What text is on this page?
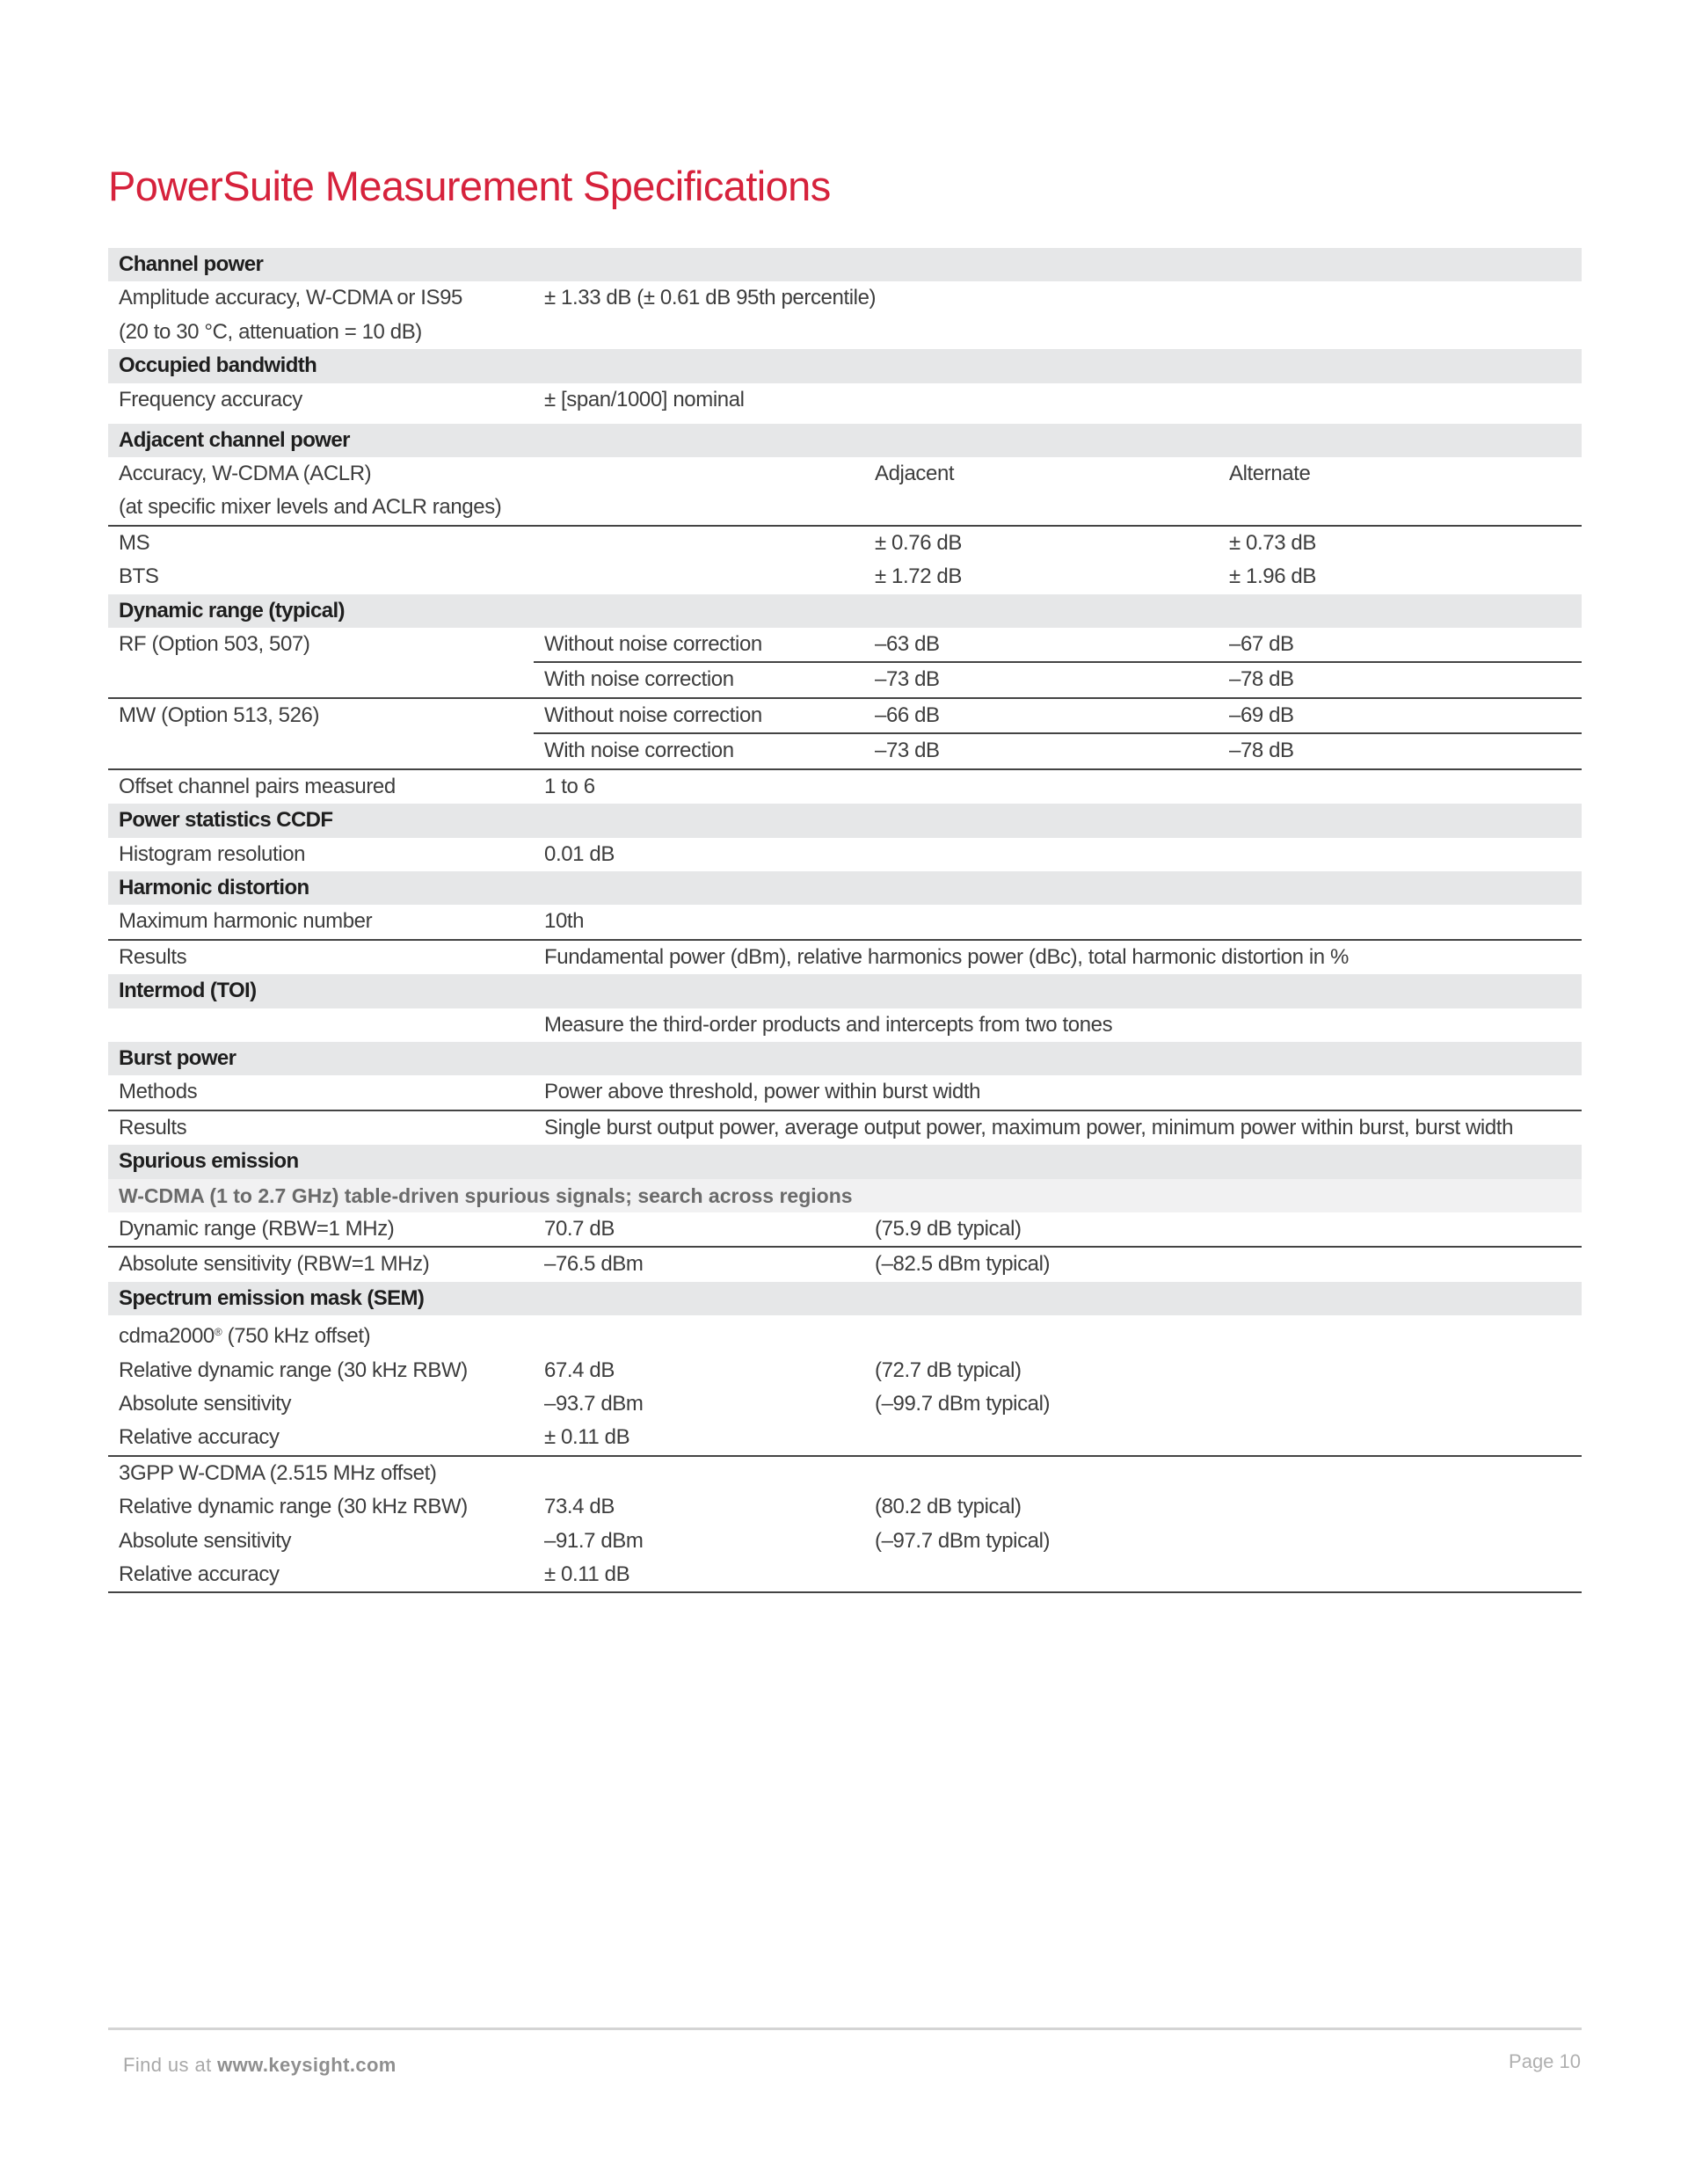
PowerSuite Measurement Specifications
Channel power			

Amplitude accuracy, W-CDMA or IS95
(20 to 30 °C, attenuation = 10 dB)	± 1.33 dB (± 0.61 dB 95th percentile)		
Occupied bandwidth			
Frequency accuracy	± [span/1000] nominal		
Adjacent channel power			

Accuracy, W-CDMA (ACLR)
(at specific mixer levels and ACLR ranges)		Adjacent	Alternate
MS		± 0.76 dB	± 0.73 dB
BTS		± 1.72 dB	± 1.96 dB
Dynamic range (typical)			
RF (Option 503, 507)	Without noise correction	–63 dB	–67 dB
	With noise correction	–73 dB	–78 dB
MW (Option 513, 526)	Without noise correction	–66 dB	–69 dB
	With noise correction	–73 dB	–78 dB
Offset channel pairs measured	1 to 6		
Power statistics CCDF			
Histogram resolution	0.01 dB		
Harmonic distortion			
Maximum harmonic number	10th		
Results	Fundamental power (dBm), relative harmonics power (dBc), total harmonic distortion in %		
Intermod (TOI)			
	Measure the third-order products and intercepts from two tones		
Burst power			
Methods	Power above threshold, power within burst width		
Results	Single burst output power, average output power, maximum power, minimum power within burst, burst width		
Spurious emission			
W-CDMA (1 to 2.7 GHz) table-driven spurious signals; search across regions			
Dynamic range (RBW=1 MHz)	70.7 dB	(75.9 dB typical)	
Absolute sensitivity (RBW=1 MHz)	–76.5 dBm	(–82.5 dBm typical)	
Spectrum emission mask (SEM)			
cdma2000® (750 kHz offset)			
Relative dynamic range (30 kHz RBW)	67.4 dB	(72.7 dB typical)	
Absolute sensitivity	–93.7 dBm	(–99.7 dBm typical)	
Relative accuracy	± 0.11 dB		
3GPP W-CDMA (2.515 MHz offset)			
Relative dynamic range (30 kHz RBW)	73.4 dB	(80.2 dB typical)	
Absolute sensitivity	–91.7 dBm	(–97.7 dBm typical)	
Relative accuracy	± 0.11 dB		
Find us at www.keysight.com	Page 10
